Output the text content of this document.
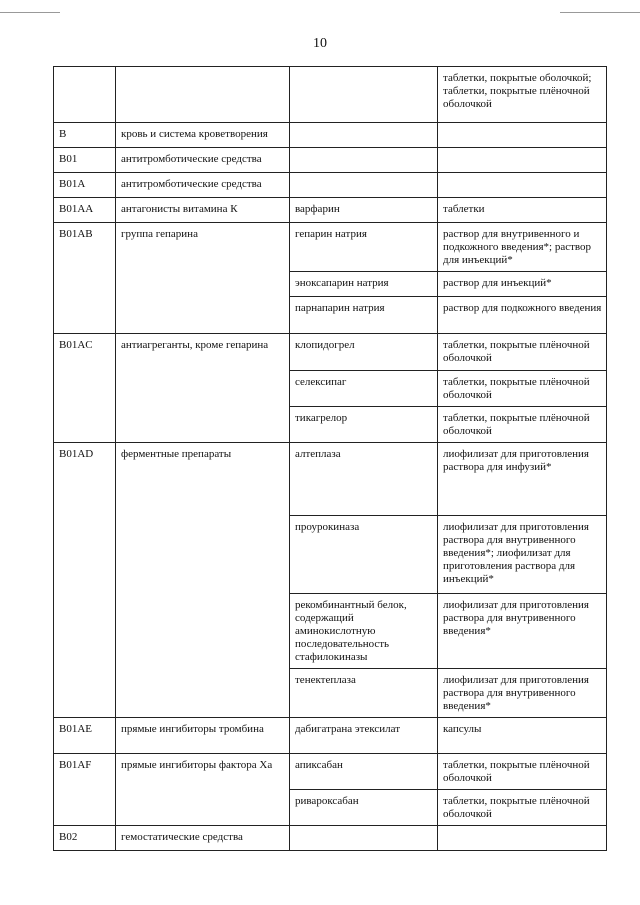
10
			таблетки, покрытые оболочкой; таблетки, покрытые плёночной оболочкой
B	кровь и система кроветворения		
B01	антитромботические средства		
B01A	антитромботические средства		
B01AA	антагонисты витамина К	варфарин	таблетки
B01AB	группа гепарина	гепарин натрия	раствор для внутривенного и подкожного введения*; раствор для инъекций*
		эноксапарин натрия	раствор для инъекций*
		парнапарин натрия	раствор для подкожного введения
B01AC	антиагреганты, кроме гепарина	клопидогрел	таблетки, покрытые плёночной оболочкой
		селексипаг	таблетки, покрытые плёночной оболочкой
		тикагрелор	таблетки, покрытые плёночной оболочкой
B01AD	ферментные препараты	алтеплаза	лиофилизат для приготовления раствора для инфузий*
		проурокиназа	лиофилизат для приготовления раствора для внутривенного введения*; лиофилизат для приготовления раствора для инъекций*
		рекомбинантный белок, содержащий аминокислотную последовательность стафилокиназы	лиофилизат для приготовления раствора для внутривенного введения*
		тенектеплаза	лиофилизат для приготовления раствора для внутривенного введения*
B01AE	прямые ингибиторы тромбина	дабигатрана этексилат	капсулы
B01AF	прямые ингибиторы фактора Ха	апиксабан	таблетки, покрытые плёночной оболочкой
		ривароксабан	таблетки, покрытые плёночной оболочкой
B02	гемостатические средства		
